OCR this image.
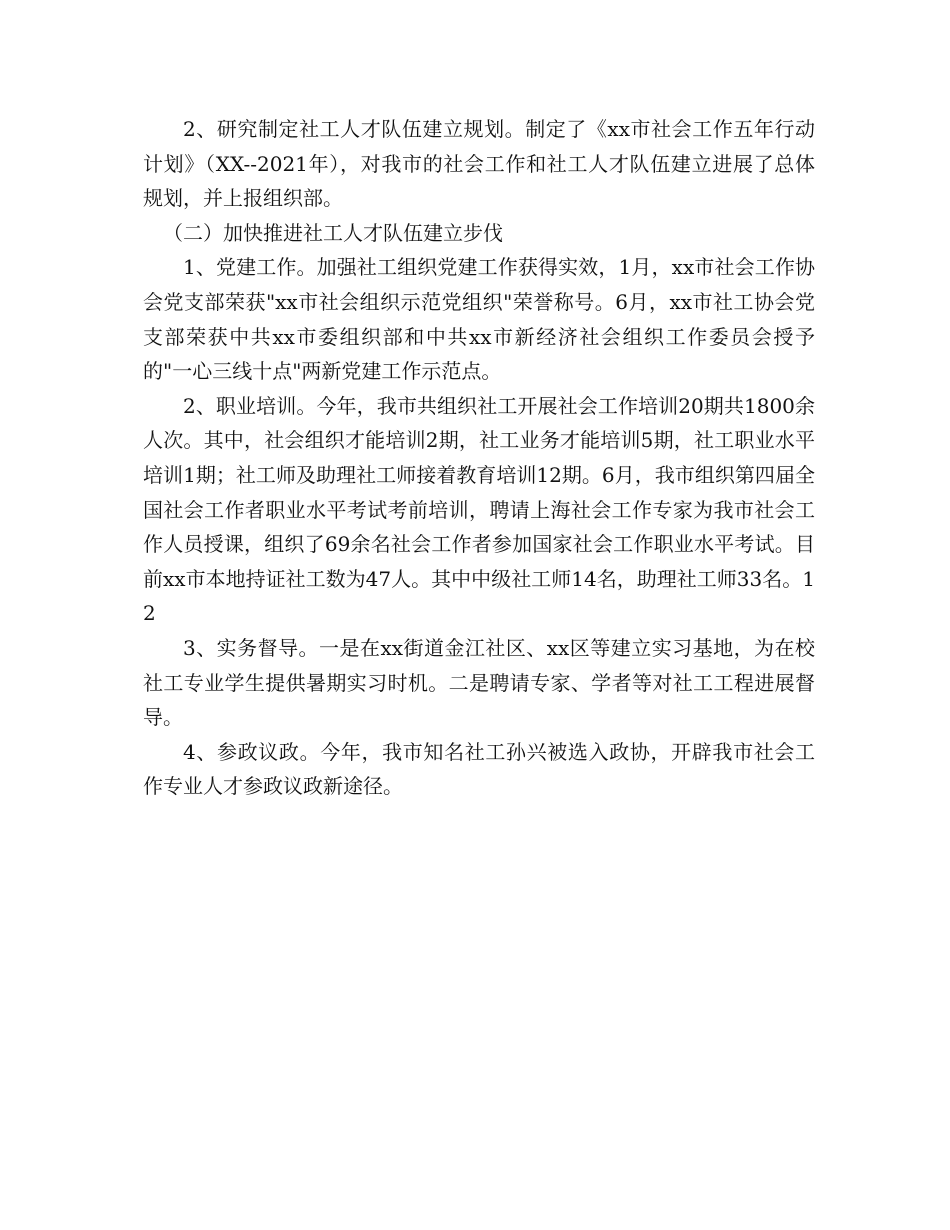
2、研究制定社工人才队伍建立规划。制定了《xx市社会工作五年行动计划》（XX--2021年），对我市的社会工作和社工人才队伍建立进展了总体规划，并上报组织部。

（二）加快推进社工人才队伍建立步伐

1、党建工作。加强社工组织党建工作获得实效，1月，xx市社会工作协会党支部荣获"xx市社会组织示范党组织"荣誉称号。6月，xx市社工协会党支部荣获中共xx市委组织部和中共xx市新经济社会组织工作委员会授予的"一心三线十点"两新党建工作示范点。

2、职业培训。今年，我市共组织社工开展社会工作培训20期共1800余人次。其中，社会组织才能培训2期，社工业务才能培训5期，社工职业水平培训1期；社工师及助理社工师接着教育培训12期。6月，我市组织第四届全国社会工作者职业水平考试考前培训，聘请上海社会工作专家为我市社会工作人员授课，组织了69余名社会工作者参加国家社会工作职业水平考试。目前xx市本地持证社工数为47人。其中中级社工师14名，助理社工师33名。12

3、实务督导。一是在xx街道金江社区、xx区等建立实习基地，为在校社工专业学生提供暑期实习时机。二是聘请专家、学者等对社工工程进展督导。

4、参政议政。今年，我市知名社工孙兴被选入政协，开辟我市社会工作专业人才参政议政新途径。
